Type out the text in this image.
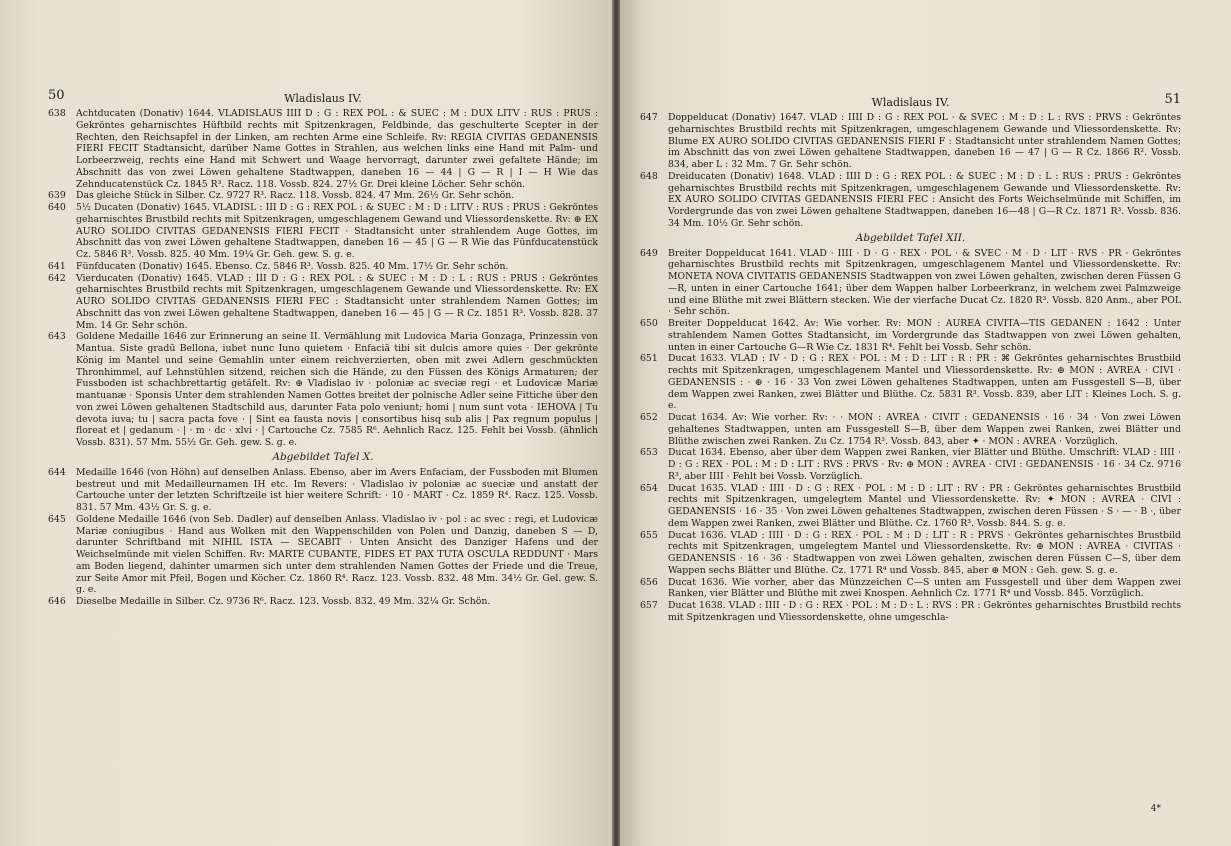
50	Wladislaus IV.

638 Achtducaten (Donativ) 1644. VLADISLAUS IIII D : G : REX POL : & SUEC : M : DUX LITV : RUS : PRUS : Gekröntes geharnischtes Hüftbild rechts mit Spitzenkragen, Feldbinde, das geschulterte Scepter in der Rechten, den Reichsapfel in der Linken, am rechten Arme eine Schleife. Rv: REGIA CIVITAS GEDANENSIS FIERI FECIT Stadtansicht, darüber Name Gottes in Strahlen, aus welchen links eine Hand mit Palm- und Lorbeerzweig, rechts eine Hand mit Schwert und Waage hervorragt, darunter zwei gefaltete Hände; im Abschnitt das von zwei Löwen gehaltene Stadtwappen, daneben 16 — 44 | G — R | I — H Wie das Zehnducatenstück Cz. 1845 R³. Racz. 118. Vossb. 824. 27½ Gr. Drei kleine Löcher. Sehr schön.

639 Das gleiche Stück in Silber. Cz. 9727 R³. Racz. 118. Vossb. 824. 47 Mm. 26½ Gr. Sehr schön.

640 5½ Ducaten (Donativ) 1645. VLADISL : III D : G : REX POL : & SUEC : M : D : LITV : RUS : PRUS : Gekröntes geharnischtes Brustbild rechts mit Spitzenkragen, umgeschlagenem Gewand und Vliessordenskette. Rv: ⊕ EX AURO SOLIDO CIVITAS GEDANENSIS FIERI FECIT · Stadtansicht unter strahlendem Auge Gottes, im Abschnitt das von zwei Löwen gehaltene Stadtwappen, daneben 16 — 45 | G — R Wie das Fünfducatenstück Cz. 5846 R³. Vossb. 825. 40 Mm. 19¼ Gr. Geh. gew. S. g. e.

641 Fünfducaten (Donativ) 1645. Ebenso. Cz. 5846 R³. Vossb. 825. 40 Mm. 17½ Gr. Sehr schön.

642 Vierducaten (Donativ) 1645. VLAD : III D : G : REX POL : & SUEC : M : D : L : RUS : PRUS : Gekröntes geharnischtes Brustbild rechts mit Spitzenkragen, umgeschlagenem Gewande und Vliessordenskette. Rv: EX AURO SOLIDO CIVITAS GEDANENSIS FIERI FEC : Stadtansicht unter strahlendem Namen Gottes; im Abschnitt das von zwei Löwen gehaltene Stadtwappen, daneben 16 — 45 | G — R Cz. 1851 R³. Vossb. 828. 37 Mm. 14 Gr. Sehr schön.

643 Goldene Medaille 1646 zur Erinnerung an seine II. Vermählung mit Ludovica Maria Gonzaga, Prinzessin von Mantua. Siste gradū Bellona, iubet nunc Iuno quietem · Enfaciā tibi sit dulcis amore quies · Der gekrönte König im Mantel und seine Gemahlin unter einem reichverzierten, oben mit zwei Adlern geschmückten Thronhimmel, auf Lehnstühlen sitzend, reichen sich die Hände, zu den Füssen des Königs Armaturen; der Fussboden ist schachbrettartig getäfelt. Rv: ⊕ Vladislao iv · poloniæ ac sveciæ regi · et Ludovicæ Mariæ mantuanæ · Sponsis Unter dem strahlenden Namen Gottes breitet der polnische Adler seine Fittiche über den von zwei Löwen gehaltenen Stadtschild aus, darunter Fata polo veniunt; homi | num sunt vota · IEHOVA | Tu devota iuva; tu | sacra pacta fove · | Sint ea fausta novis | consortibus hisq sub alis | Pax regnum populus | floreat et | gedanum · | · m · dc · xlvi · | Cartouche Cz. 7585 R⁶. Aehnlich Racz. 125. Fehlt bei Vossb. (ähnlich Vossb. 831). 57 Mm. 55½ Gr. Geh. gew. S. g. e.

Abgebildet Tafel X.

644 Medaille 1646 (von Höhn) auf denselben Anlass. Ebenso, aber im Avers Enfaciam, der Fussboden mit Blumen bestreut und mit Medailleurnamen IH etc. Im Revers: · Vladislao iv poloniæ ac sueciæ und anstatt der Cartouche unter der letzten Schriftzeile ist hier weitere Schrift: · 10 · MART · Cz. 1859 R⁴. Racz. 125. Vossb. 831. 57 Mm. 43½ Gr. S. g. e.

645 Goldene Medaille 1646 (von Seb. Dadler) auf denselben Anlass. Vladislao iv · pol : ac svec : regi, et Ludovicæ Mariæ coniugibus · Hand aus Wolken mit den Wappenschilden von Polen und Danzig, daneben S — D, darunter Schriftband mit NIHIL ISTA — SECABIT · Unten Ansicht des Danziger Hafens und der Weichselmünde mit vielen Schiffen. Rv: MARTE CUBANTE, FIDES ET PAX TUTA OSCULA REDDUNT · Mars am Boden liegend, dahinter umarmen sich unter dem strahlenden Namen Gottes der Friede und die Treue, zur Seite Amor mit Pfeil, Bogen und Köcher. Cz. 1860 R⁴. Racz. 123. Vossb. 832. 48 Mm. 34½ Gr. Gel. gew. S. g. e.

646 Dieselbe Medaille in Silber. Cz. 9736 R⁶. Racz. 123. Vossb. 832. 49 Mm. 32¼ Gr. Schön.

Wladislaus IV.	51

647 Doppelducat (Donativ) 1647. VLAD : IIII D : G : REX POL · & SVEC : M : D : L : RVS : PRVS : Gekröntes geharnischtes Brustbild rechts mit Spitzenkragen, umgeschlagenem Gewande und Vliessordenskette. Rv: Blume EX AURO SOLIDO CIVITAS GEDANENSIS FIERI F : Stadtansicht unter strahlendem Namen Gottes; im Abschnitt das von zwei Löwen gehaltene Stadtwappen, daneben 16 — 47 | G — R Cz. 1866 R². Vossb. 834, aber L : 32 Mm. 7 Gr. Sehr schön.

648 Dreiducaten (Donativ) 1648. VLAD : IIII D : G : REX POL : & SUEC : M : D : L : RUS : PRUS : Gekröntes geharnischtes Brustbild rechts mit Spitzenkragen, umgeschlagenem Gewande und Vliessordenskette. Rv: EX AURO SOLIDO CIVITAS GEDANENSIS FIERI FEC : Ansicht des Forts Weichselmünde mit Schiffen, im Vordergrunde das von zwei Löwen gehaltene Stadtwappen, daneben 16—48 | G—R Cz. 1871 R³. Vossb. 836. 34 Mm. 10½ Gr. Sehr schön.

Abgebildet Tafel XII.

649 Breiter Doppelducat 1641. VLAD · IIII · D · G · REX · POL · & SVEC · M · D · LIT · RVS · PR · Gekröntes geharnischtes Brustbild rechts mit Spitzenkragen, umgeschlagenem Mantel und Vliessordenskette. Rv: MONETA NOVA CIVITATIS GEDANENSIS Stadtwappen von zwei Löwen gehalten, zwischen deren Füssen G—R, unten in einer Cartouche 1641; über dem Wappen halber Lorbeerkranz, in welchem zwei Palmzweige und eine Blüthe mit zwei Blättern stecken. Wie der vierfache Ducat Cz. 1820 R³. Vossb. 820 Anm., aber POL · Sehr schön.

650 Breiter Doppelducat 1642. Av: Wie vorher. Rv: MON : AUREA CIVITA—TIS GEDANEN : 1642 : Unter strahlendem Namen Gottes Stadtansicht, im Vordergrunde das Stadtwappen von zwei Löwen gehalten, unten in einer Cartouche G—R Wie Cz. 1831 R⁴. Fehlt bei Vossb. Sehr schön.

651 Ducat 1633. VLAD : IV · D : G : REX · POL : M : D : LIT : R : PR : ⌘ Gekröntes geharnischtes Brustbild rechts mit Spitzenkragen, umgeschlagenem Mantel und Vliessordenskette. Rv: ⊕ MON : AVREA · CIVI · GEDANENSIS : · ⊕ · 16 · 33 Von zwei Löwen gehaltenes Stadtwappen, unten am Fussgestell S—B, über dem Wappen zwei Ranken, zwei Blätter und Blüthe. Cz. 5831 R³. Vossb. 839, aber LIT : Kleines Loch. S. g. e.

652 Ducat 1634. Av: Wie vorher. Rv: · · MON : AVREA · CIVIT : GEDANENSIS · 16 · 34 · Von zwei Löwen gehaltenes Stadtwappen, unten am Fussgestell S—B, über dem Wappen zwei Ranken, zwei Blätter und Blüthe zwischen zwei Ranken. Zu Cz. 1754 R³. Vossb. 843, aber ✦ · MON : AVREA · Vorzüglich.

653 Ducat 1634. Ebenso, aber über dem Wappen zwei Ranken, vier Blätter und Blüthe. Umschrift: VLAD : IIII · D : G : REX · POL : M : D : LIT : RVS : PRVS · Rv: ⊕ MON : AVREA · CIVI : GEDANENSIS · 16 · 34 Cz. 9716 R³, aber IIII · Fehlt bei Vossb. Vorzüglich.

654 Ducat 1635. VLAD : IIII · D : G : REX · POL : M : D : LIT : RV : PR : Gekröntes geharnischtes Brustbild rechts mit Spitzenkragen, umgelegtem Mantel und Vliessordenskette. Rv: ✦ MON : AVREA · CIVI : GEDANENSIS · 16 · 35 · Von zwei Löwen gehaltenes Stadtwappen, zwischen deren Füssen · S · — · B ·, über dem Wappen zwei Ranken, zwei Blätter und Blüthe. Cz. 1760 R³. Vossb. 844. S. g. e.

655 Ducat 1636. VLAD : IIII · D : G : REX · POL : M : D : LIT : R : PRVS · Gekröntes geharnischtes Brustbild rechts mit Spitzenkragen, umgelegtem Mantel und Vliessordenskette. Rv: ⊕ MON : AVREA · CIVITAS · GEDANENSIS · 16 · 36 · Stadtwappen von zwei Löwen gehalten, zwischen deren Füssen C—S, über dem Wappen sechs Blätter und Blüthe. Cz. 1771 R⁴ und Vossb. 845, aber ⊕ MON : Geh. gew. S. g. e.

656 Ducat 1636. Wie vorher, aber das Münzzeichen C—S unten am Fussgestell und über dem Wappen zwei Ranken, vier Blätter und Blüthe mit zwei Knospen. Aehnlich Cz. 1771 R⁴ und Vossb. 845. Vorzüglich.

657 Ducat 1638. VLAD : IIII · D : G : REX · POL : M : D : L : RVS : PR : Gekröntes geharnischtes Brustbild rechts mit Spitzenkragen und Vliessordenskette, ohne umgeschla-

4*
